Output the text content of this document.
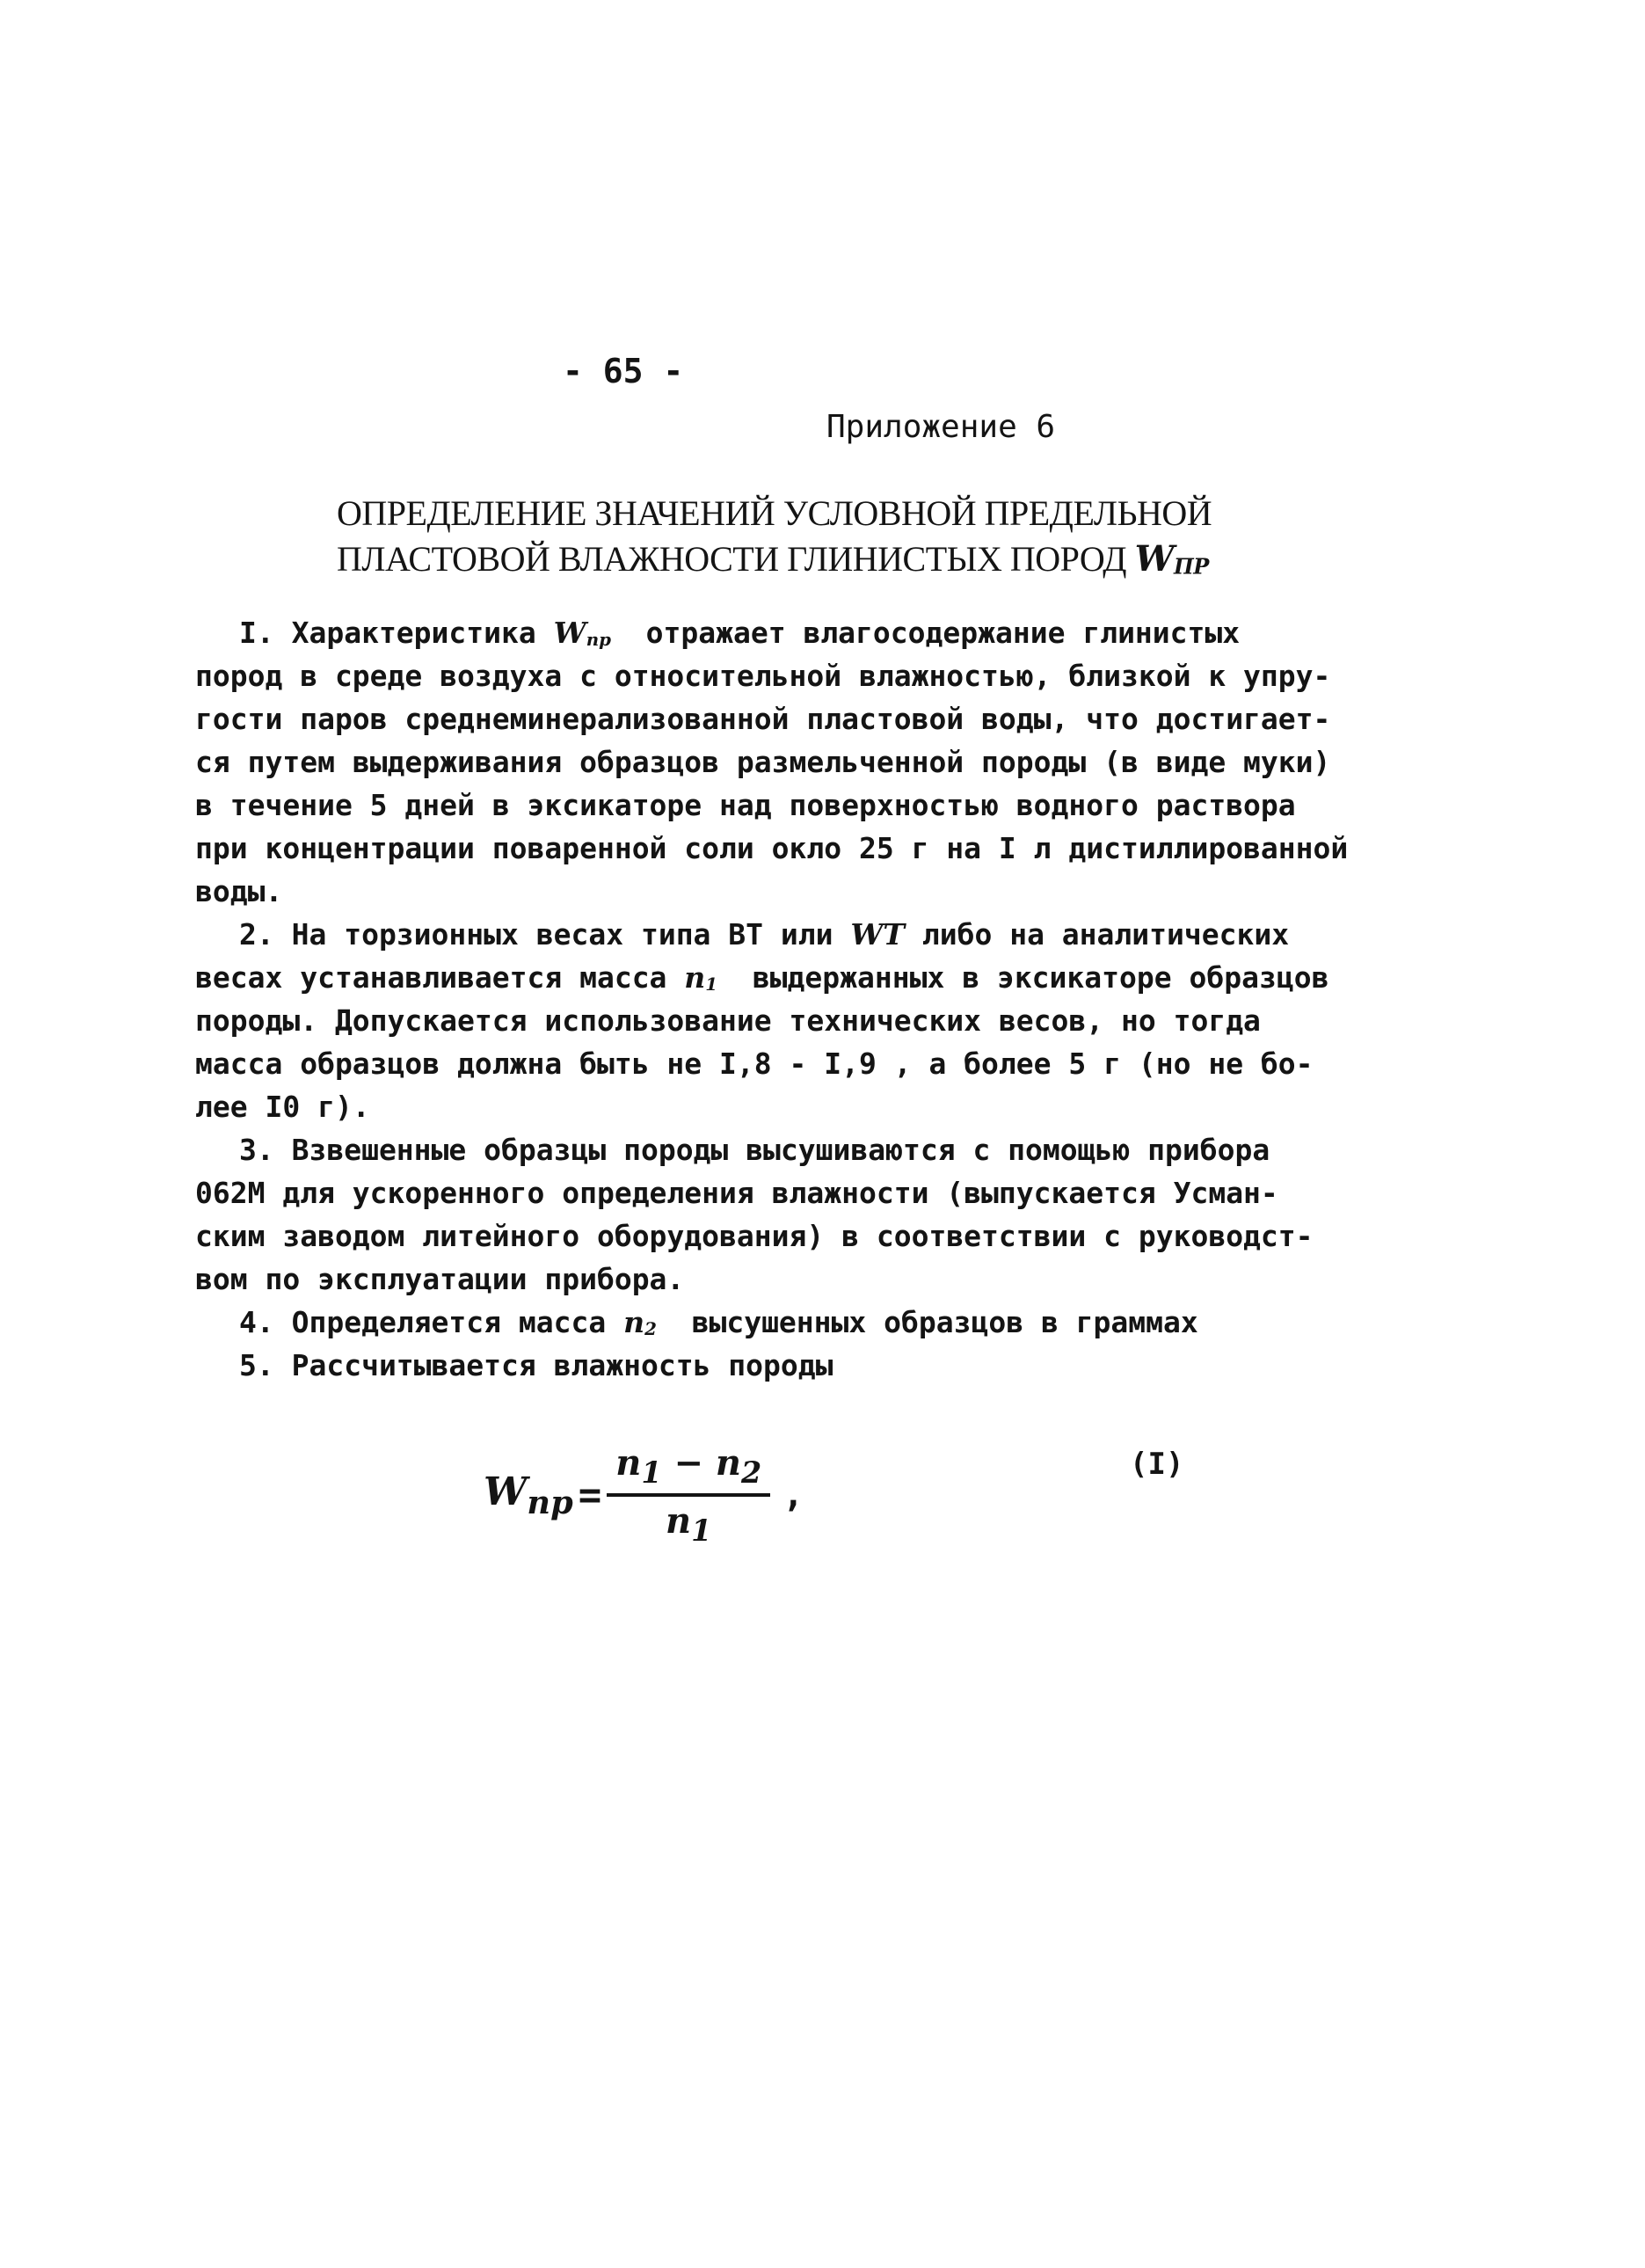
- 65 -
Приложение 6
ОПРЕДЕЛЕНИЕ ЗНАЧЕНИЙ УСЛОВНОЙ ПРЕДЕЛЬНОЙ
ПЛАСТОВОЙ ВЛАЖНОСТИ ГЛИНИСТЫХ ПОРОД $W_{ПР}$
I. Характеристика $W_{пр}$  отражает влагосодержание глинистых
пород в среде воздуха с относительной влажностью, близкой к упру-
гости паров среднеминерализованной пластовой воды, что достигает-
ся путем выдерживания образцов размельченной породы (в виде муки)
в течение 5 дней в эксикаторе над поверхностью водного раствора
при концентрации поваренной соли окло 25 г на I л дистиллированной
воды.
2. На торзионных весах типа ВТ или WT либо на аналитических
весах устанавливается масса $n_1$  выдержанных в эксикаторе образцов
породы. Допускается использование технических весов, но тогда
масса образцов должна быть не I,8 - I,9 , а более 5 г (но не бо-
лее I0 г).
3. Взвешенные образцы породы высушиваются с помощью прибора
062М для ускоренного определения влажности (выпускается Усман-
ским заводом литейного оборудования) в соответствии с руководст-
вом по эксплуатации прибора.
4. Определяется масса $n_2$  высушенных образцов в граммах
5. Рассчитывается влажность породы
$W_{пр} = \frac{n_1 - n_2}{n_1}$ ,
(I)
